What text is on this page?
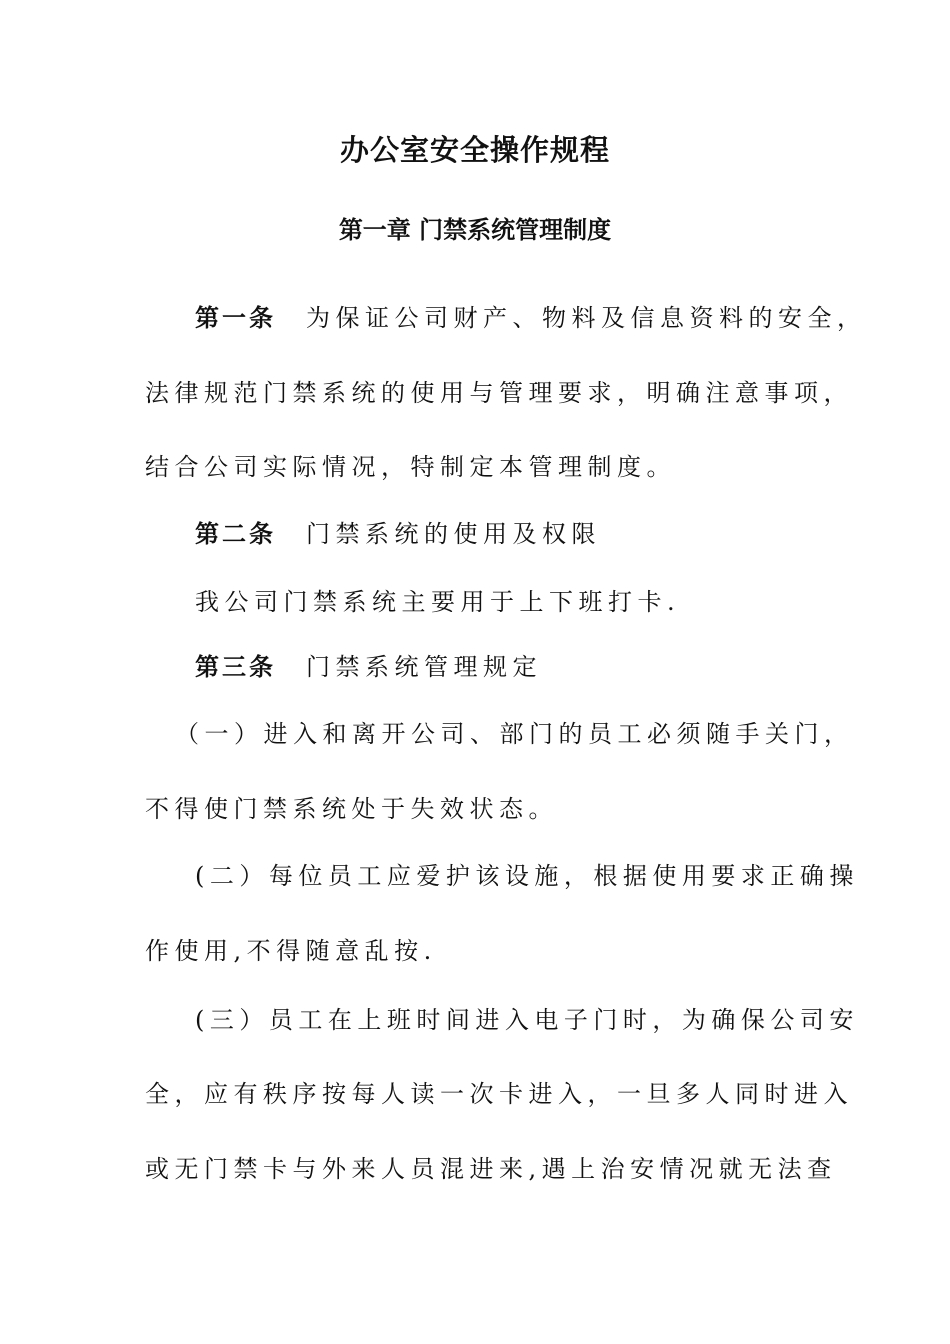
办公室安全操作规程
第一章 门禁系统管理制度

第一条 为保证公司财产、物料及信息资料的安全，

法律规范门禁系统的使用与管理要求，明确注意事项，

结合公司实际情况，特制定本管理制度。

第二条 门禁系统的使用及权限

我公司门禁系统主要用于上下班打卡.

第三条 门禁系统管理规定

（一）进入和离开公司、部门的员工必须随手关门，

不得使门禁系统处于失效状态。

(二）每位员工应爱护该设施，根据使用要求正确操

作使用,不得随意乱按.

(三）员工在上班时间进入电子门时，为确保公司安

全，应有秩序按每人读一次卡进入，一旦多人同时进入

或无门禁卡与外来人员混进来,遇上治安情况就无法查
